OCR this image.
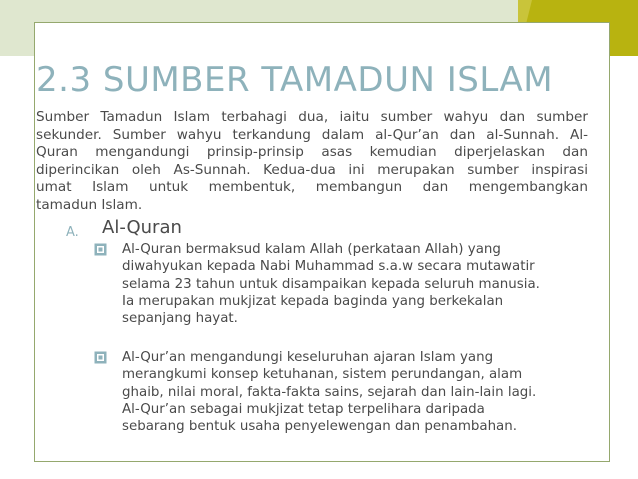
2.3 SUMBER TAMADUN ISLAM
Sumber Tamadun Islam terbahagi dua, iaitu sumber wahyu dan sumber
sekunder. Sumber wahyu terkandung dalam al-Qur’an dan al-Sunnah. Al-
Quran mengandungi prinsip-prinsip asas kemudian diperjelaskan dan
diperincikan oleh As-Sunnah. Kedua-dua ini merupakan sumber inspirasi
umat Islam untuk membentuk, membangun dan mengembangkan
tamadun Islam.
A. Al-Quran
Al-Quran bermaksud kalam Allah (perkataan Allah) yang
diwahyukan kepada Nabi Muhammad s.a.w secara mutawatir
selama 23 tahun untuk disampaikan kepada seluruh manusia.
Ia merupakan mukjizat kepada baginda yang berkekalan
sepanjang hayat.
Al-Qur’an mengandungi keseluruhan ajaran Islam yang
merangkumi konsep ketuhanan, sistem perundangan, alam
ghaib, nilai moral, fakta-fakta sains, sejarah dan lain-lain lagi.
Al-Qur’an sebagai mukjizat tetap terpelihara daripada
sebarang bentuk usaha penyelewengan dan penambahan.
